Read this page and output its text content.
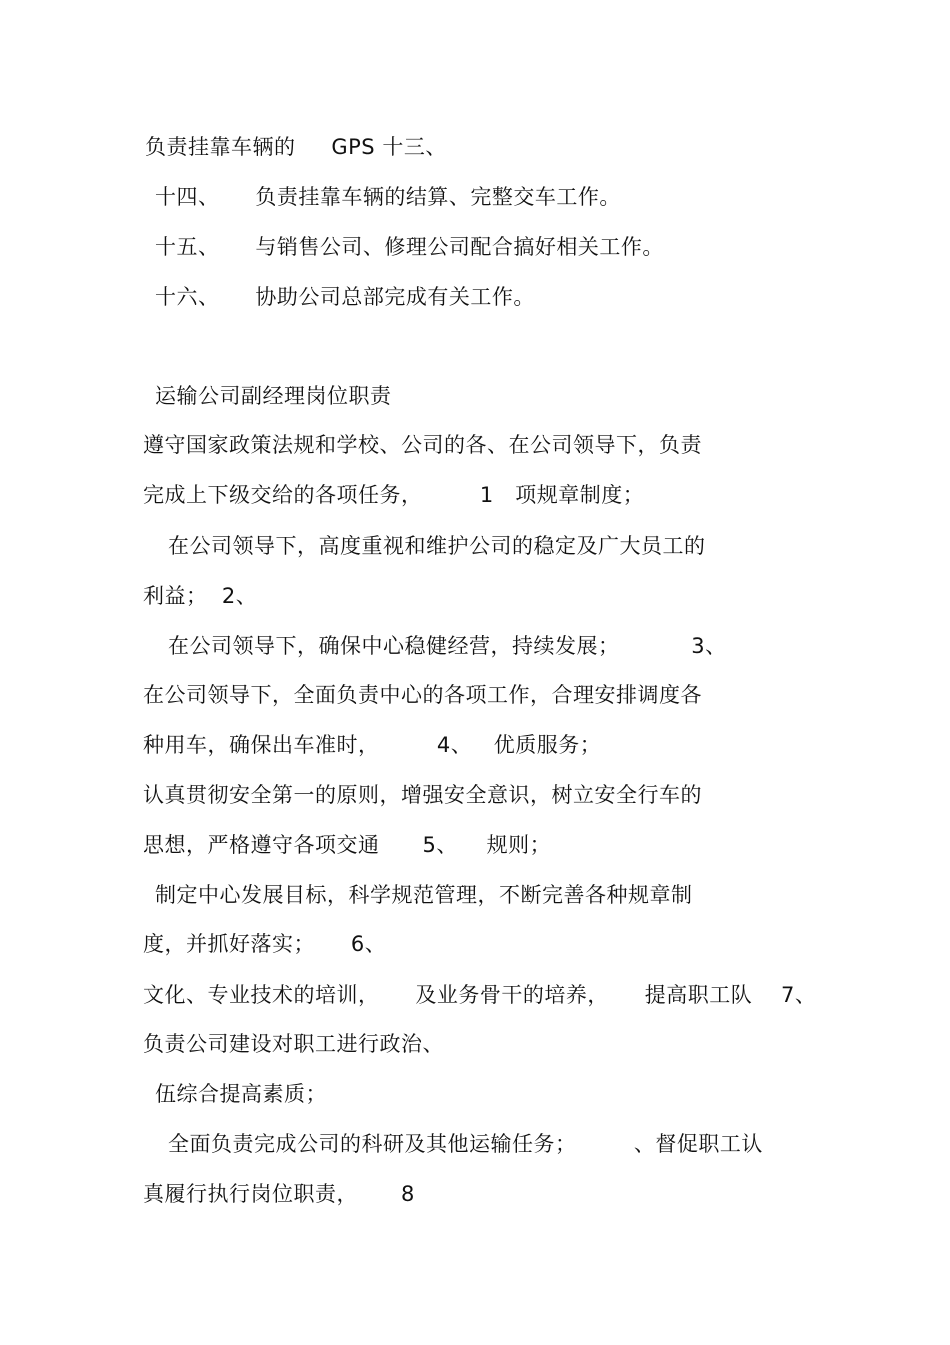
负责挂靠车辆的     GPS 十三、
十四、     负责挂靠车辆的结算、完整交车工作。
十五、     与销售公司、修理公司配合搞好相关工作。
十六、     协助公司总部完成有关工作。
运输公司副经理岗位职责
遵守国家政策法规和学校、公司的各、在公司领导下，负责
完成上下级交给的各项任务，        1   项规章制度；
在公司领导下，高度重视和维护公司的稳定及广大员工的
利益；  2、
在公司领导下，确保中心稳健经营，持续发展；          3、
在公司领导下，全面负责中心的各项工作，合理安排调度各
种用车，确保出车准时，        4、   优质服务；
认真贯彻安全第一的原则，增强安全意识，树立安全行车的
思想，严格遵守各项交通      5、    规则；
制定中心发展目标，科学规范管理，不断完善各种规章制
度，并抓好落实；     6、
文化、专业技术的培训，     及业务骨干的培养，     提高职工队    7、
负责公司建设对职工进行政治、
伍综合提高素质；
全面负责完成公司的科研及其他运输任务；        、督促职工认
真履行执行岗位职责，      8
